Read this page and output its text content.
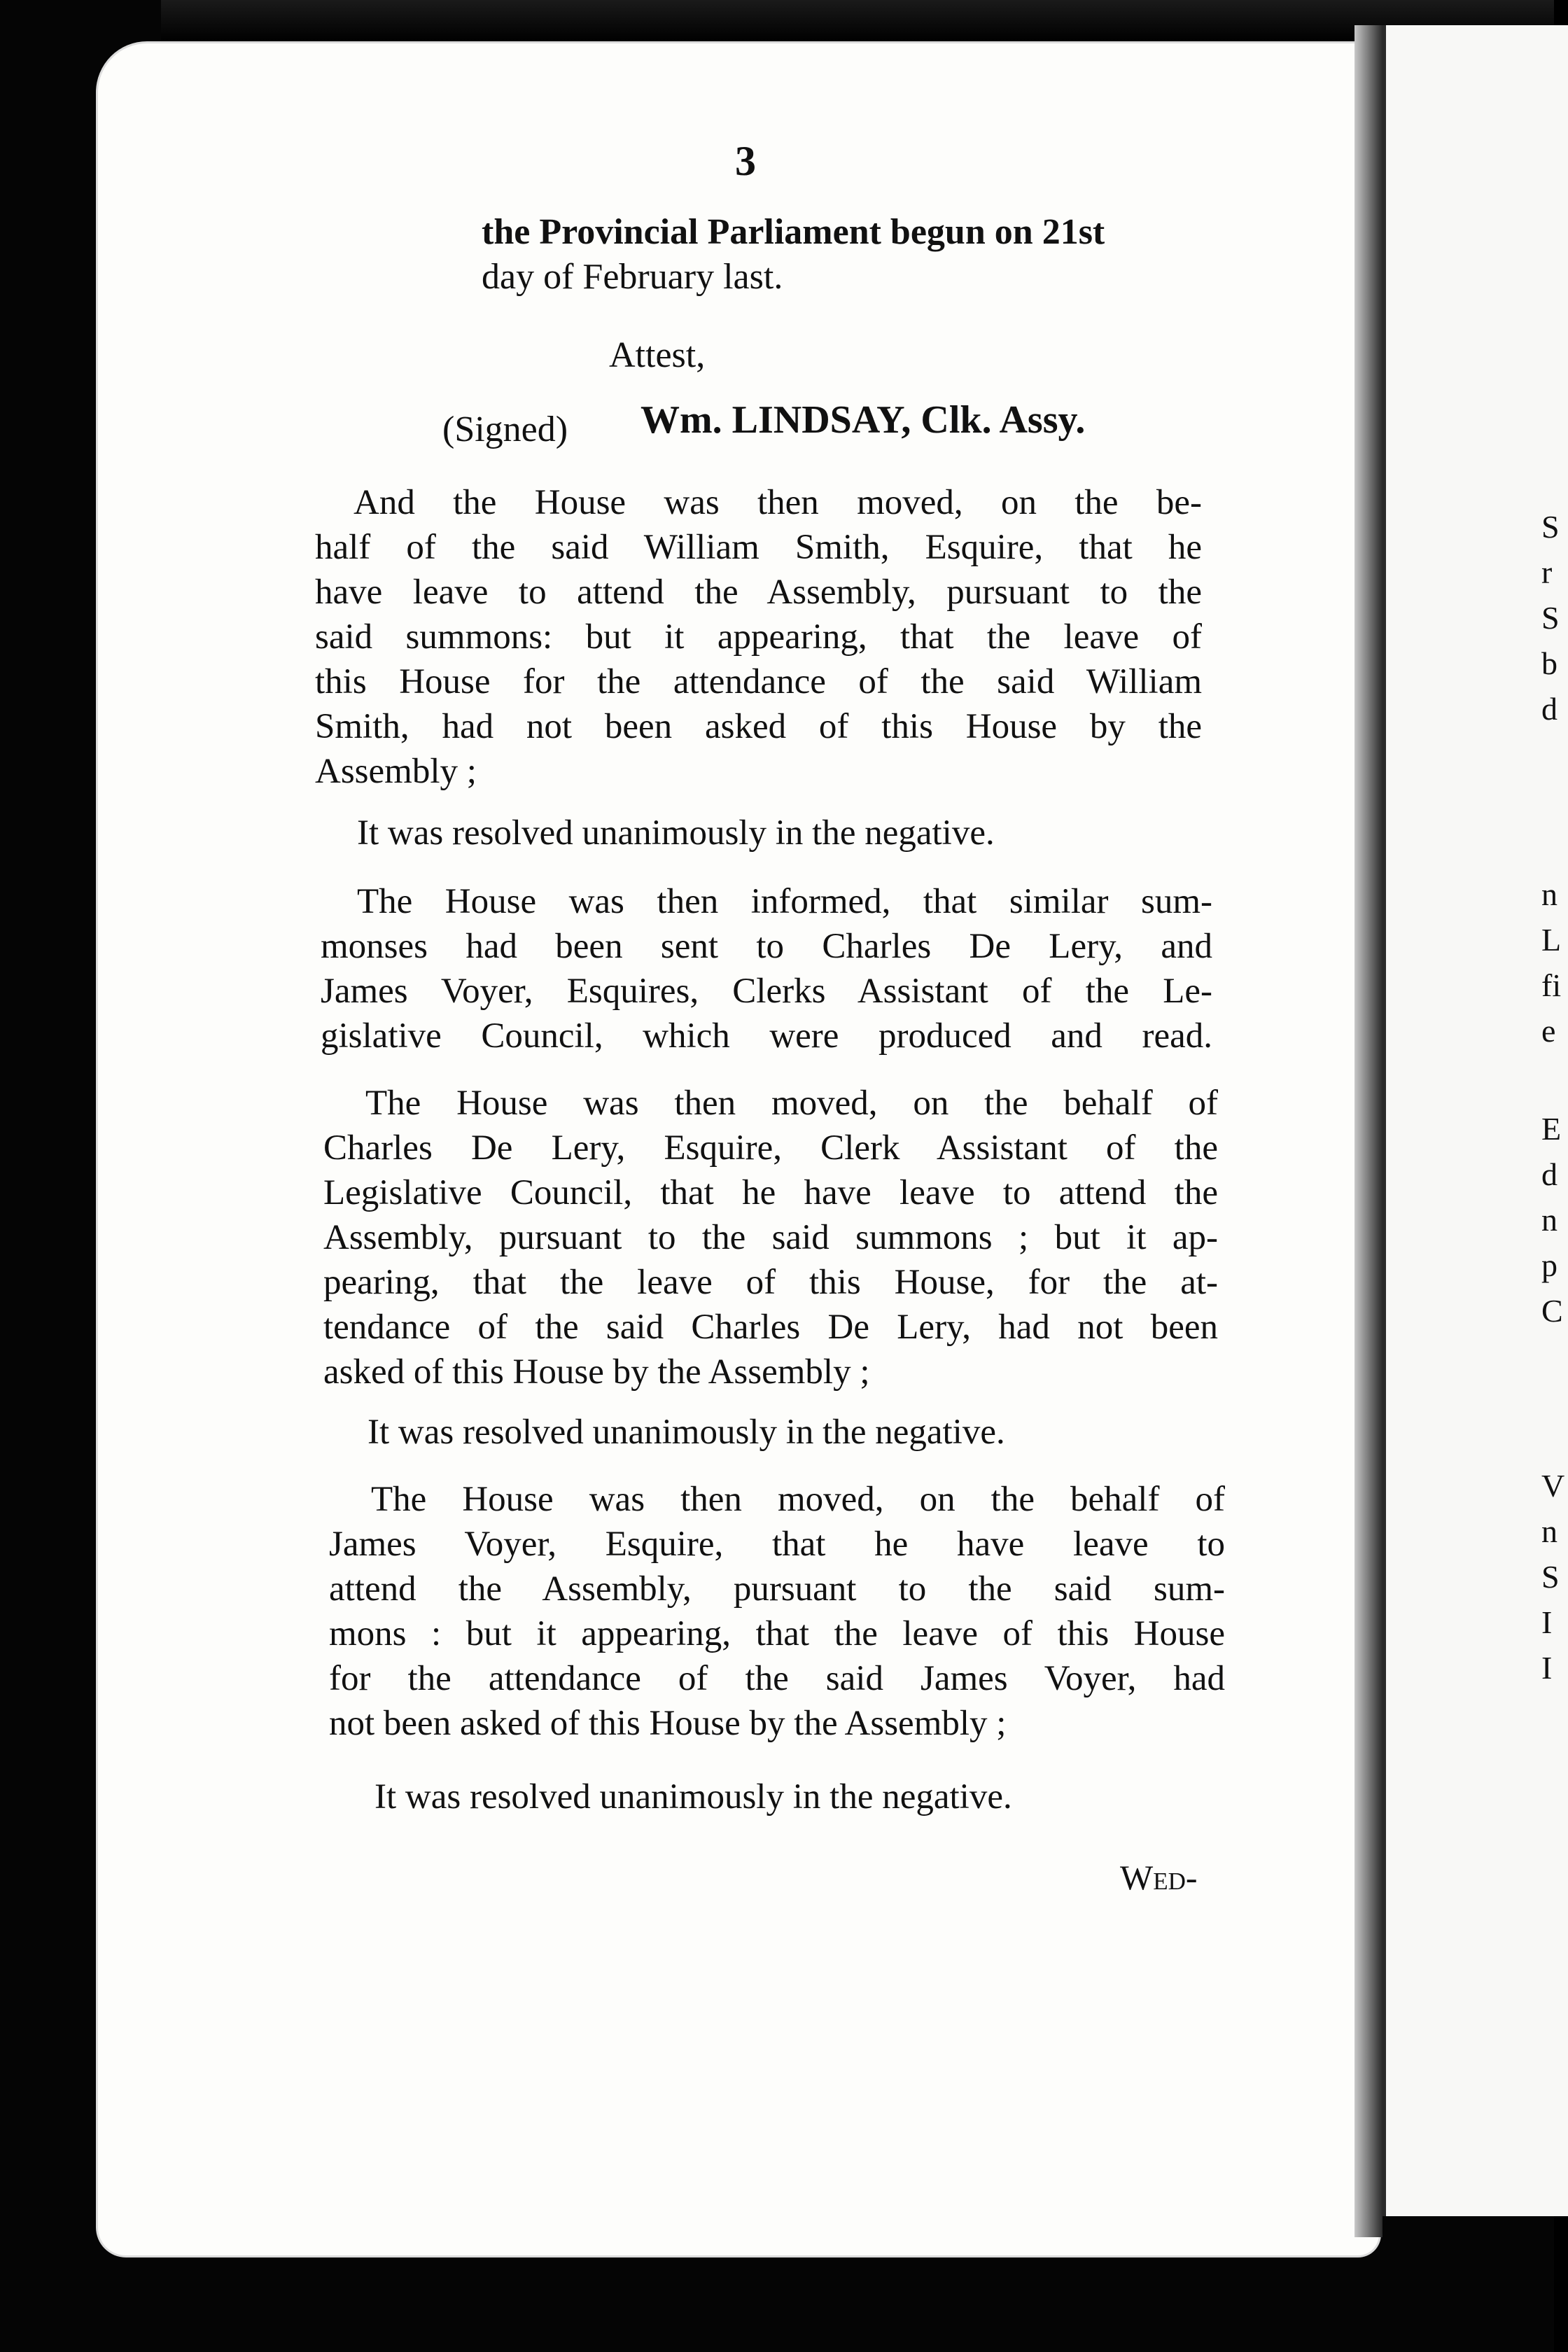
S
r
S
b
d
n
L
fi
e
E
d
n
p
C
V
n
S
I
I
3
the Provincial Parliament begun on 21st
day of February last.
Attest,
(Signed) Wm. LINDSAY, Clk. Assy.
And the House was then moved, on the be-
half of the said William Smith, Esquire, that he
have leave to attend the Assembly, pursuant to the
said summons: but it appearing, that the leave of
this House for the attendance of the said William
Smith, had not been asked of this House by the
Assembly ;
It was resolved unanimously in the negative.
The House was then informed, that similar sum-
monses had been sent to Charles De Lery, and
James Voyer, Esquires, Clerks Assistant of the Le-
gislative Council, which were produced and read.
The House was then moved, on the behalf of
Charles De Lery, Esquire, Clerk Assistant of the
Legislative Council, that he have leave to attend the
Assembly, pursuant to the said summons ; but it ap-
pearing, that the leave of this House, for the at-
tendance of the said Charles De Lery, had not been
asked of this House by the Assembly ;
It was resolved unanimously in the negative.
The House was then moved, on the behalf of
James Voyer, Esquire, that he have leave to
attend the Assembly, pursuant to the said sum-
mons : but it appearing, that the leave of this House
for the attendance of the said James Voyer, had
not been asked of this House by the Assembly ;
It was resolved unanimously in the negative.
Wed-
